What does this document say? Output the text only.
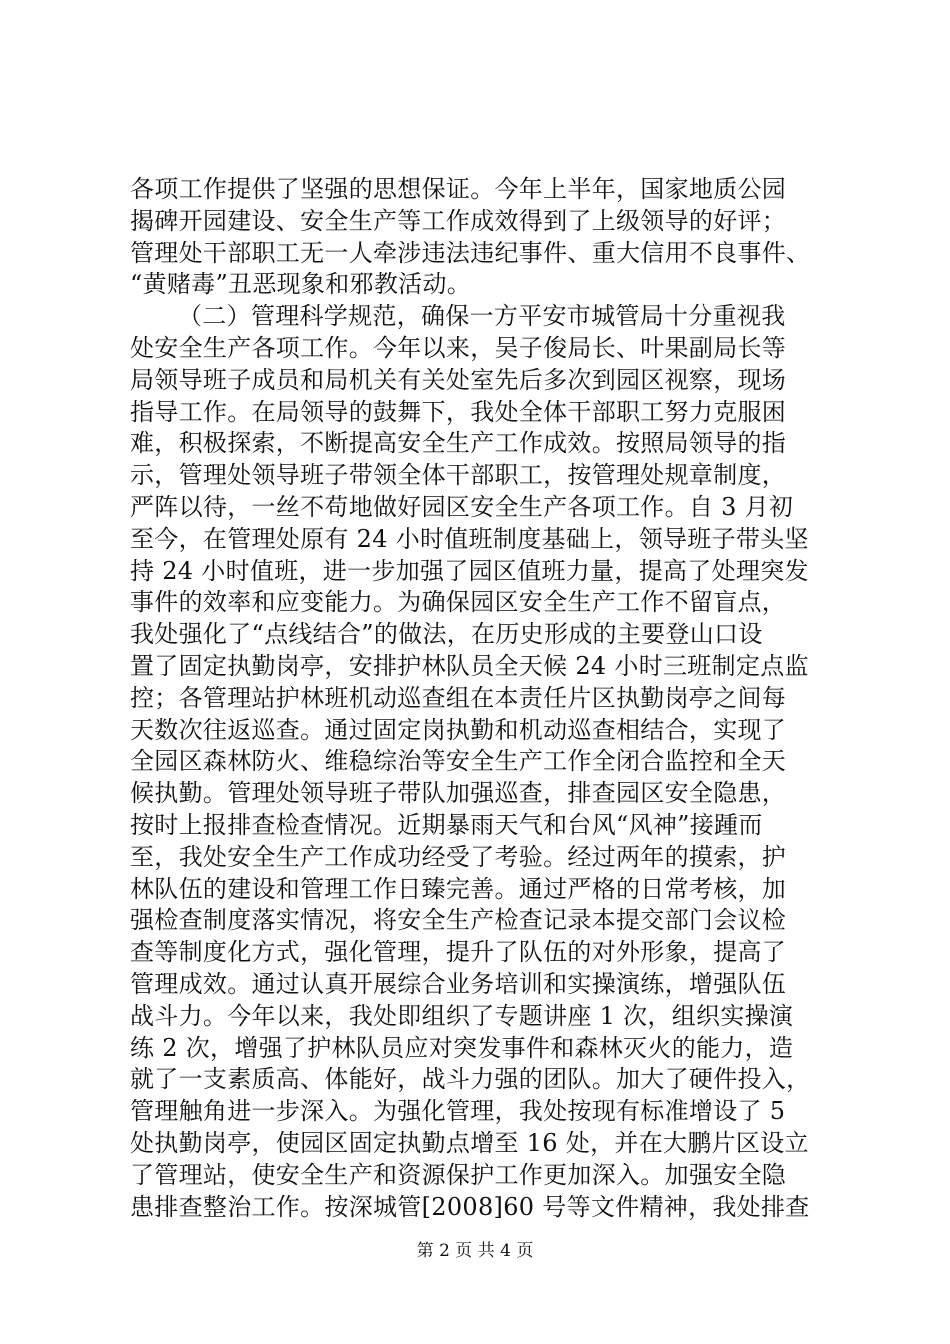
各项工作提供了坚强的思想保证。今年上半年，国家地质公园
揭碑开园建设、安全生产等工作成效得到了上级领导的好评；
管理处干部职工无一人牵涉违法违纪事件、重大信用不良事件、
“黄赌毒”丑恶现象和邪教活动。
（二）管理科学规范，确保一方平安市城管局十分重视我
处安全生产各项工作。今年以来，吴子俊局长、叶果副局长等
局领导班子成员和局机关有关处室先后多次到园区视察，现场
指导工作。在局领导的鼓舞下，我处全体干部职工努力克服困
难，积极探索，不断提高安全生产工作成效。按照局领导的指
示，管理处领导班子带领全体干部职工，按管理处规章制度，
严阵以待，一丝不苟地做好园区安全生产各项工作。自 3 月初
至今，在管理处原有 24 小时值班制度基础上，领导班子带头坚
持 24 小时值班，进一步加强了园区值班力量，提高了处理突发
事件的效率和应变能力。为确保园区安全生产工作不留盲点，
我处强化了“点线结合”的做法，在历史形成的主要登山口设
置了固定执勤岗亭，安排护林队员全天候 24 小时三班制定点监
控；各管理站护林班机动巡查组在本责任片区执勤岗亭之间每
天数次往返巡查。通过固定岗执勤和机动巡查相结合，实现了
全园区森林防火、维稳综治等安全生产工作全闭合监控和全天
候执勤。管理处领导班子带队加强巡查，排查园区安全隐患，
按时上报排查检查情况。近期暴雨天气和台风“风神”接踵而
至，我处安全生产工作成功经受了考验。经过两年的摸索，护
林队伍的建设和管理工作日臻完善。通过严格的日常考核，加
强检查制度落实情况，将安全生产检查记录本提交部门会议检
查等制度化方式，强化管理，提升了队伍的对外形象，提高了
管理成效。通过认真开展综合业务培训和实操演练，增强队伍
战斗力。今年以来，我处即组织了专题讲座 1 次，组织实操演
练 2 次，增强了护林队员应对突发事件和森林灭火的能力，造
就了一支素质高、体能好，战斗力强的团队。加大了硬件投入，
管理触角进一步深入。为强化管理，我处按现有标准增设了 5
处执勤岗亭，使园区固定执勤点增至 16 处，并在大鹏片区设立
了管理站，使安全生产和资源保护工作更加深入。加强安全隐
患排查整治工作。按深城管[2008]60 号等文件精神，我处排查
第 2 页 共 4 页
